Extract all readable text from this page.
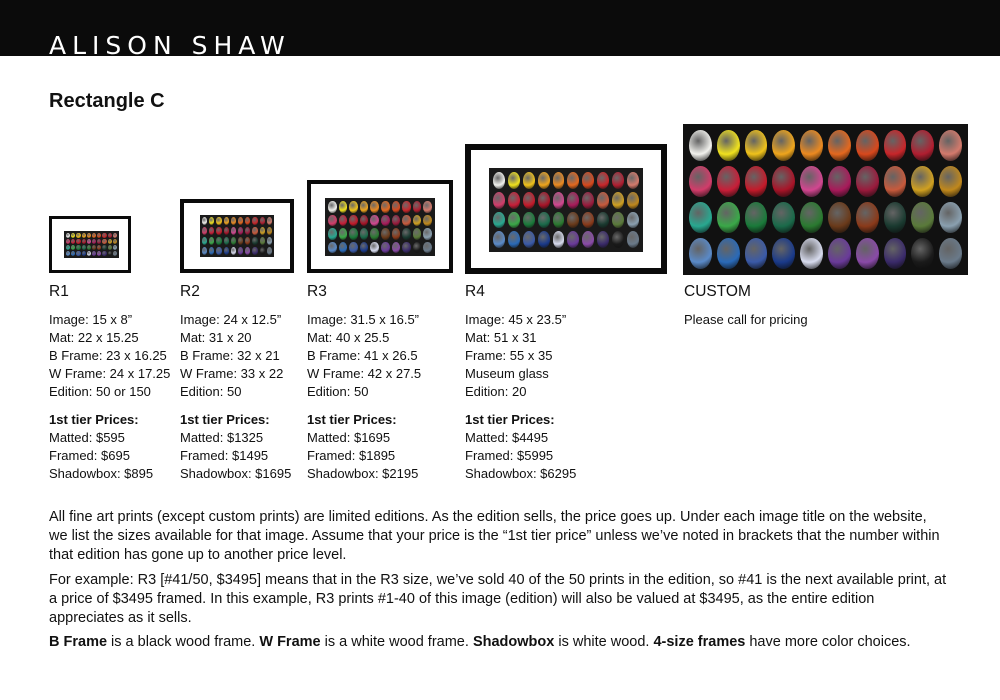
ALISON SHAW
Rectangle C
R1
Image: 15 x 8”
Mat: 22 x 15.25
B Frame: 23 x 16.25
W Frame: 24 x 17.25
Edition: 50 or 150
1st tier Prices:
Matted: $595
Framed: $695
Shadowbox: $895
R2
Image: 24 x 12.5”
Mat: 31 x 20
B Frame: 32 x 21
W Frame: 33 x 22
Edition: 50
1st tier Prices:
Matted: $1325
Framed: $1495
Shadowbox: $1695
R3
Image: 31.5 x 16.5”
Mat: 40 x 25.5
B Frame: 41 x 26.5
W Frame: 42 x 27.5
Edition: 50
1st tier Prices:
Matted: $1695
Framed: $1895
Shadowbox: $2195
R4
Image: 45 x 23.5”
Mat: 51 x 31
Frame: 55 x 35
Museum glass
Edition: 20
1st tier Prices:
Matted: $4495
Framed: $5995
Shadowbox: $6295
CUSTOM
Please call for pricing

All fine art prints (except custom prints) are limited editions. As the edition sells, the price goes up. Under each image title on the website, we list the sizes available for that image. Assume that your price is the “1st tier price” unless we’ve noted in brackets that the number within that edition has gone up to another price level.

For example: R3 [#41/50, $3495] means that in the R3 size, we’ve sold 40 of the 50 prints in the edition, so #41 is the next available print, at a price of $3495 framed. In this example, R3 prints #1-40 of this image (edition) will also be valued at $3495, as the entire edition appreciates as it sells.

B Frame is a black wood frame. W Frame is a white wood frame. Shadowbox is white wood. 4-size frames have more color choices.
